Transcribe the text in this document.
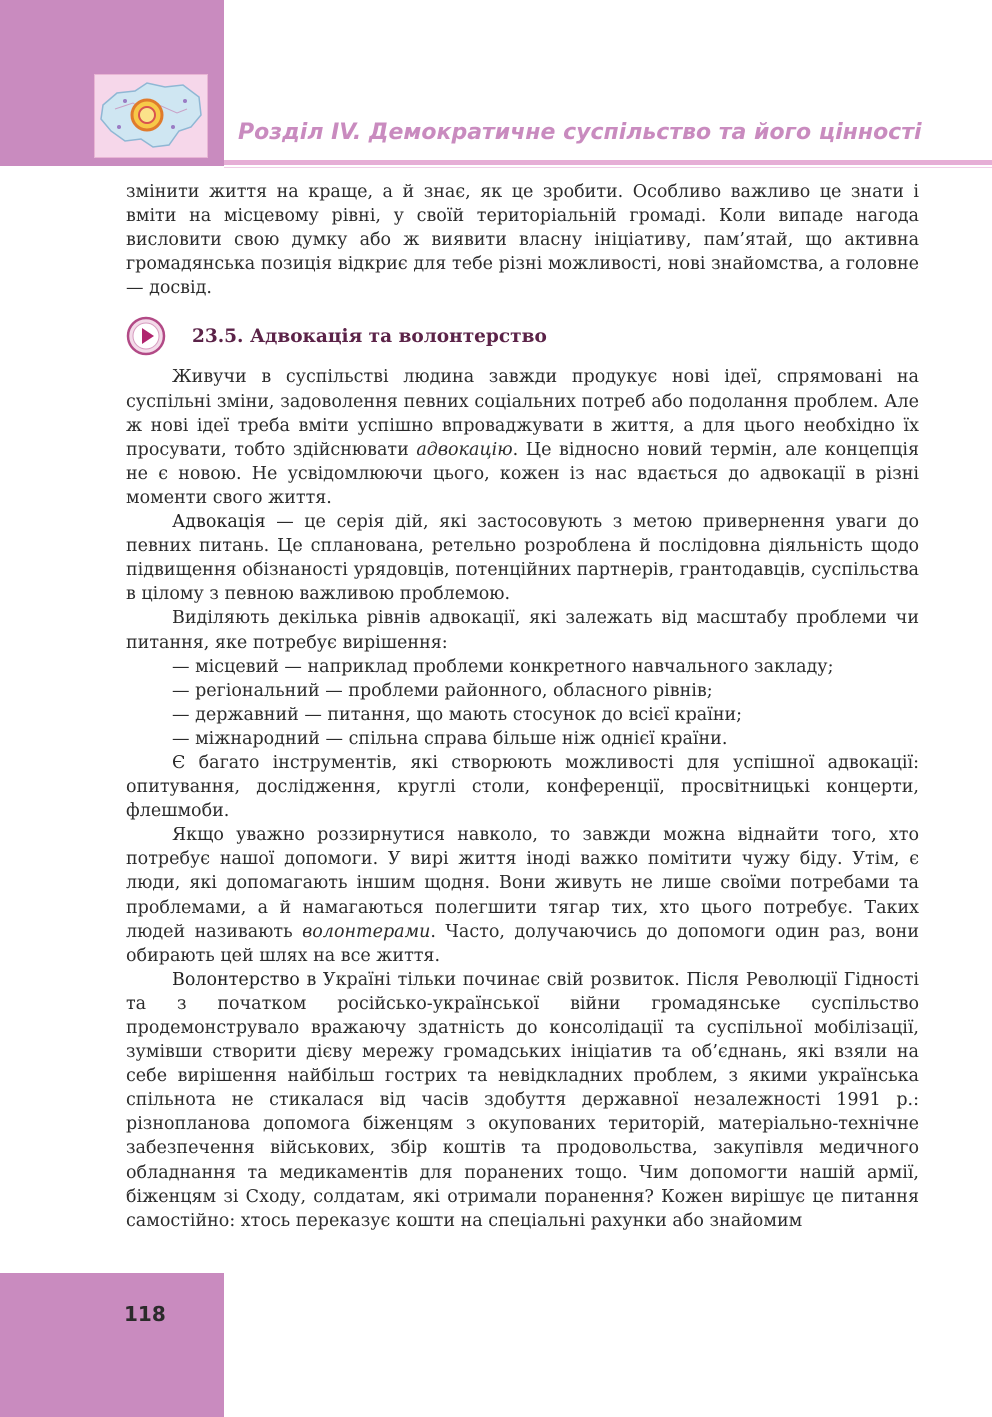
Розділ IV. Демократичне суспільство та його цінності

змінити життя на краще, а й знає, як це зробити. Особливо важливо це знати і вміти на місцевому рівні, у своїй територіальній громаді. Коли випаде нагода висловити свою думку або ж виявити власну ініціативу, пам’ятай, що активна громадянська позиція відкриє для тебе різні можливості, нові знайомства, а головне — досвід.

23.5. Адвокація та волонтерство

Живучи в суспільстві людина завжди продукує нові ідеї, спрямовані на суспільні зміни, задоволення певних соціальних потреб або подолання проблем. Але ж нові ідеї треба вміти успішно впроваджувати в життя, а для цього необхідно їх просувати, тобто здійснювати адвокацію. Це відносно новий термін, але концепція не є новою. Не усвідомлюючи цього, кожен із нас вдається до адвокації в різні моменти свого життя.

Адвокація — це серія дій, які застосовують з метою привернення уваги до певних питань. Це спланована, ретельно розроблена й послідовна діяльність щодо підвищення обізнаності урядовців, потенційних партнерів, грантодавців, суспільства в цілому з певною важливою проблемою.

Виділяють декілька рівнів адвокації, які залежать від масштабу проблеми чи питання, яке потребує вирішення:

— місцевий — наприклад проблеми конкретного навчального закладу;

— регіональний — проблеми районного, обласного рівнів;

— державний — питання, що мають стосунок до всієї країни;

— міжнародний — спільна справа більше ніж однієї країни.

Є багато інструментів, які створюють можливості для успішної адвокації: опитування, дослідження, круглі столи, конференції, просвітницькі концерти, флешмоби.

Якщо уважно роззирнутися навколо, то завжди можна віднайти того, хто потребує нашої допомоги. У вирі життя іноді важко помітити чужу біду. Утім, є люди, які допомагають іншим щодня. Вони живуть не лише своїми потребами та проблемами, а й намагаються полегшити тягар тих, хто цього потребує. Таких людей називають волонтерами. Часто, долучаючись до допомоги один раз, вони обирають цей шлях на все життя.

Волонтерство в Україні тільки починає свій розвиток. Після Революції Гідності та з початком російсько-української війни громадянське суспільство продемонструвало вражаючу здатність до консолідації та суспільної мобілізації, зумівши створити дієву мережу громадських ініціатив та об’єднань, які взяли на себе вирішення найбільш гострих та невідкладних проблем, з якими українська спільнота не стикалася від часів здобуття державної незалежності 1991 р.: різнопланова допомога біженцям з окупованих територій, матеріально-технічне забезпечення військових, збір коштів та продовольства, закупівля медичного обладнання та медикаментів для поранених тощо. Чим допомогти нашій армії, біженцям зі Сходу, солдатам, які отримали поранення? Кожен вирішує це питання самостійно: хтось переказує кошти на спеціальні рахунки або знайомим

118
